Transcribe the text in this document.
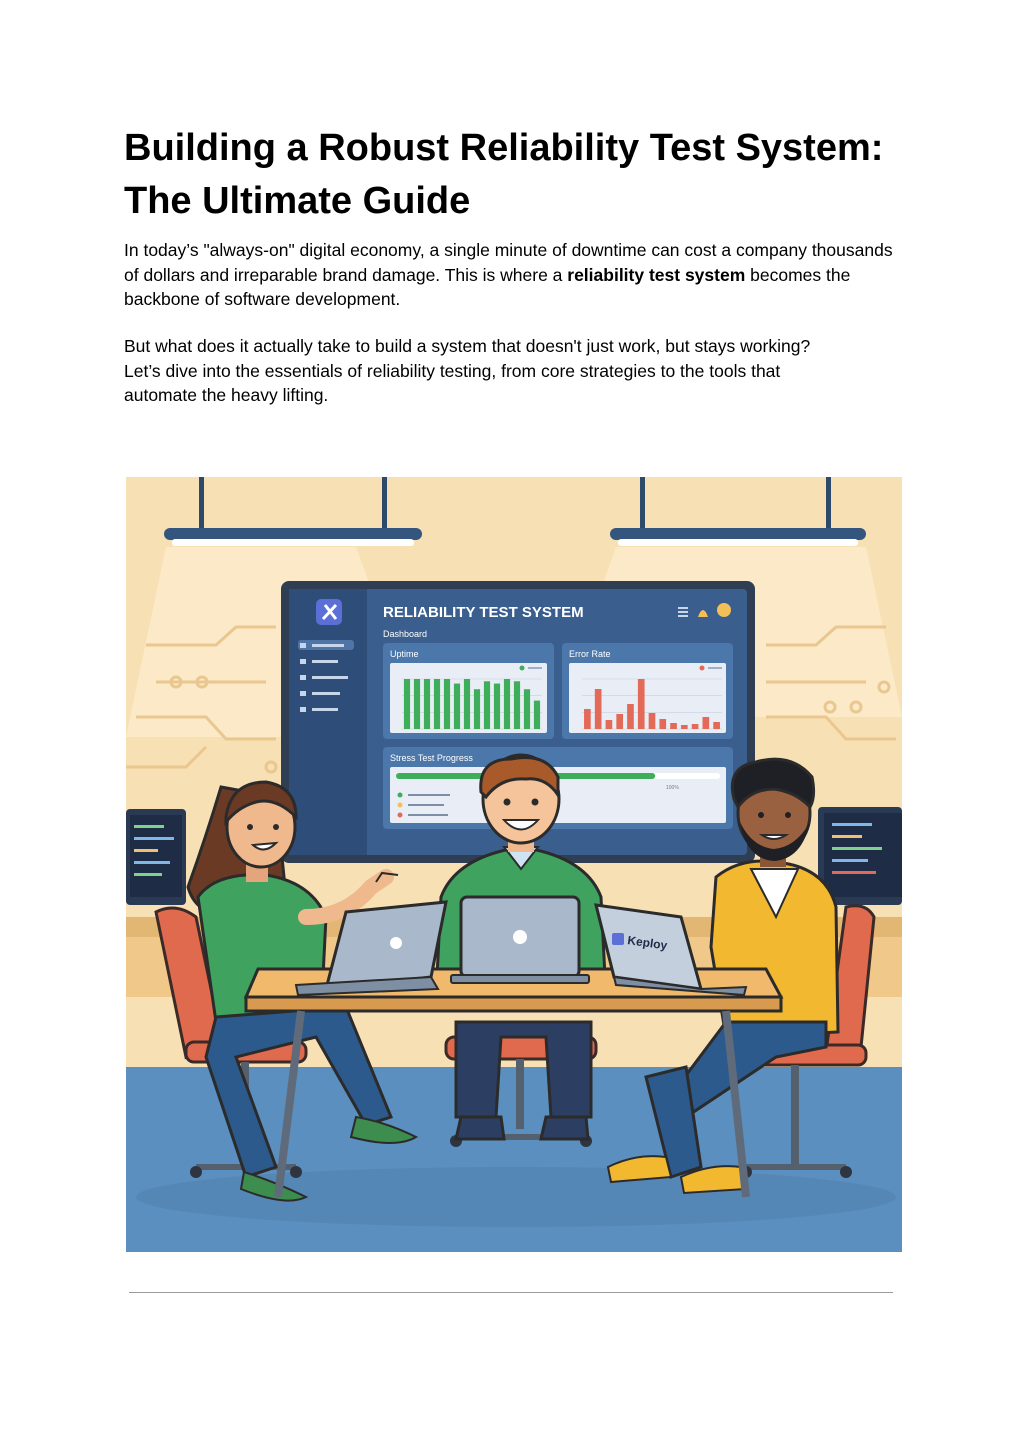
Building a Robust Reliability Test System: The Ultimate Guide

In today’s "always-on" digital economy, a single minute of downtime can cost a company thousands of dollars and irreparable brand damage. This is where a reliability test system becomes the backbone of software development.

But what does it actually take to build a system that doesn't just work, but stays working?
Let’s dive into the essentials of reliability testing, from core strategies to the tools that
automate the heavy lifting.

RELIABILITY TEST SYSTEM
Dashboard
Uptime	Error Rate
Stress Test Progress
100%
Keploy
